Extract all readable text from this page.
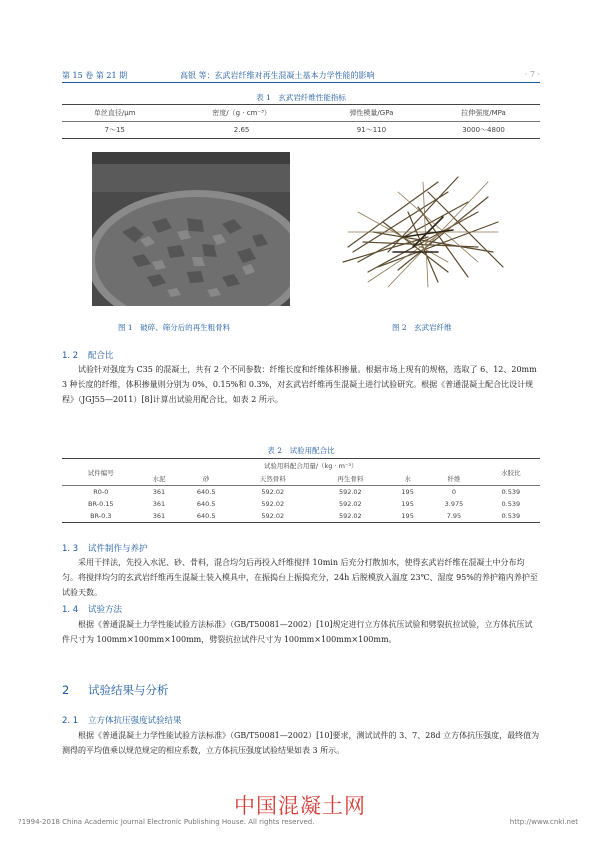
第 15 卷 第 21 期	高银 等：玄武岩纤维对再生混凝土基本力学性能的影响	· 7 ·
表 1　玄武岩纤维性能指标
单丝直径/μm	密度/（g · cm⁻³）	弹性模量/GPa	拉伸强度/MPa
7～15	2.65	91～110	3000～4800
图 1　破碎、筛分后的再生粗骨料	图 2　玄武岩纤维
1. 2 配合比
试验针对强度为 C35 的混凝土，共有 2 个不同参数：纤维长度和纤维体积掺量。根据市场上现有的规格，选取了 6、12、20mm 3 种长度的纤维，体积掺量则分别为 0%、0.15%和 0.3%，对玄武岩纤维再生混凝土进行试验研究。根据《普通混凝土配合比设计规程》（JGJ55—2011）[8]计算出试验用配合比，如表 2 所示。
表 2　试验用配合比
试件编号	试验用料配合用量/（kg · m⁻³）						水胶比
	水泥	砂	天然骨料	再生骨料	水	纤维	
R0-0	361	640.5	592.02	592.02	195	0	0.539
BR-0.15	361	640.5	592.02	592.02	195	3.975	0.539
BR-0.3	361	640.5	592.02	592.02	195	7.95	0.539
1. 3 试件制作与养护
采用干拌法，先投入水泥、砂、骨料，混合均匀后再投入纤维搅拌 10min 后充分打散加水，使得玄武岩纤维在混凝土中分布均匀。将搅拌均匀的玄武岩纤维再生混凝土装入模具中，在振捣台上振捣充分，24h 后脱模放入温度 23℃、湿度 95%的养护箱内养护至试验天数。
1. 4 试验方法
根据《普通混凝土力学性能试验方法标准》（GB/T50081—2002）[10]规定进行立方体抗压试验和劈裂抗拉试验，立方体抗压试件尺寸为 100mm×100mm×100mm，劈裂抗拉试件尺寸为 100mm×100mm×100mm。
2 试验结果与分析
2. 1 立方体抗压强度试验结果
根据《普通混凝土力学性能试验方法标准》（GB/T50081—2002）[10]要求，测试试件的 3、7、28d 立方体抗压强度，最终值为测得的平均值乘以规范规定的相应系数，立方体抗压强度试验结果如表 3 所示。
中国混凝土网
?1994-2018 China Academic Journal Electronic Publishing House. All rights reserved.	http://www.cnki.net
